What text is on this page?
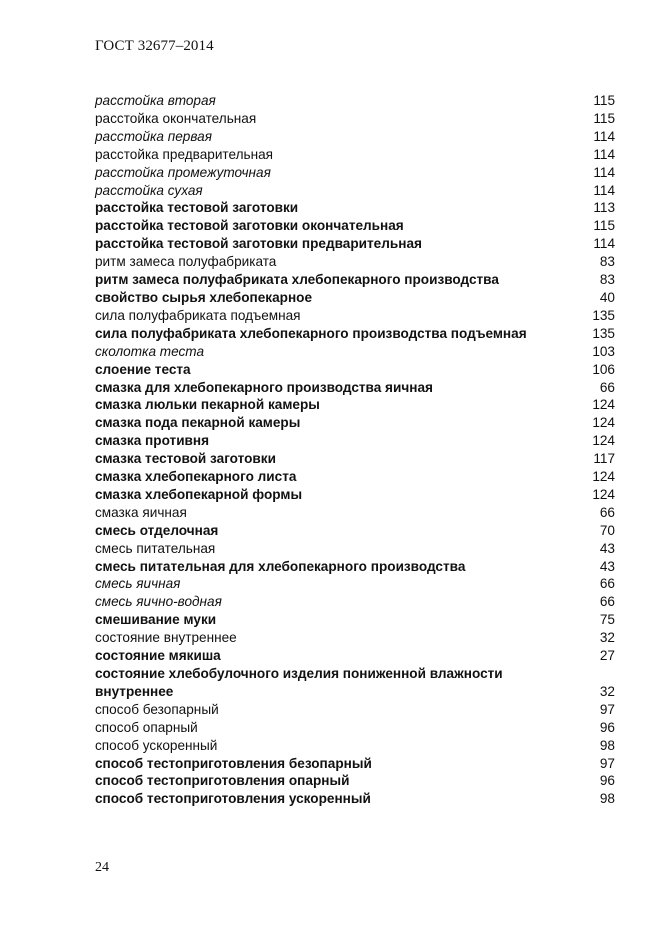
ГОСТ 32677–2014
расстойка вторая	115
расстойка окончательная	115
расстойка первая	114
расстойка предварительная	114
расстойка промежуточная	114
расстойка сухая	114
расстойка тестовой заготовки	113
расстойка тестовой заготовки окончательная	115
расстойка тестовой заготовки предварительная	114
ритм замеса полуфабриката	83
ритм замеса полуфабриката хлебопекарного производства	83
свойство сырья хлебопекарное	40
сила полуфабриката подъемная	135
сила полуфабриката хлебопекарного производства подъемная	135
сколотка теста	103
слоение теста	106
смазка для хлебопекарного производства яичная	66
смазка люльки пекарной камеры	124
смазка пода пекарной камеры	124
смазка противня	124
смазка тестовой заготовки	117
смазка хлебопекарного листа	124
смазка хлебопекарной формы	124
смазка яичная	66
смесь отделочная	70
смесь питательная	43
смесь питательная для хлебопекарного производства	43
смесь яичная	66
смесь яично-водная	66
смешивание муки	75
состояние внутреннее	32
состояние мякиша	27
состояние хлебобулочного изделия пониженной влажности внутреннее	32
способ безопарный	97
способ опарный	96
способ ускоренный	98
способ тестоприготовления безопарный	97
способ тестоприготовления опарный	96
способ тестоприготовления ускоренный	98
24
